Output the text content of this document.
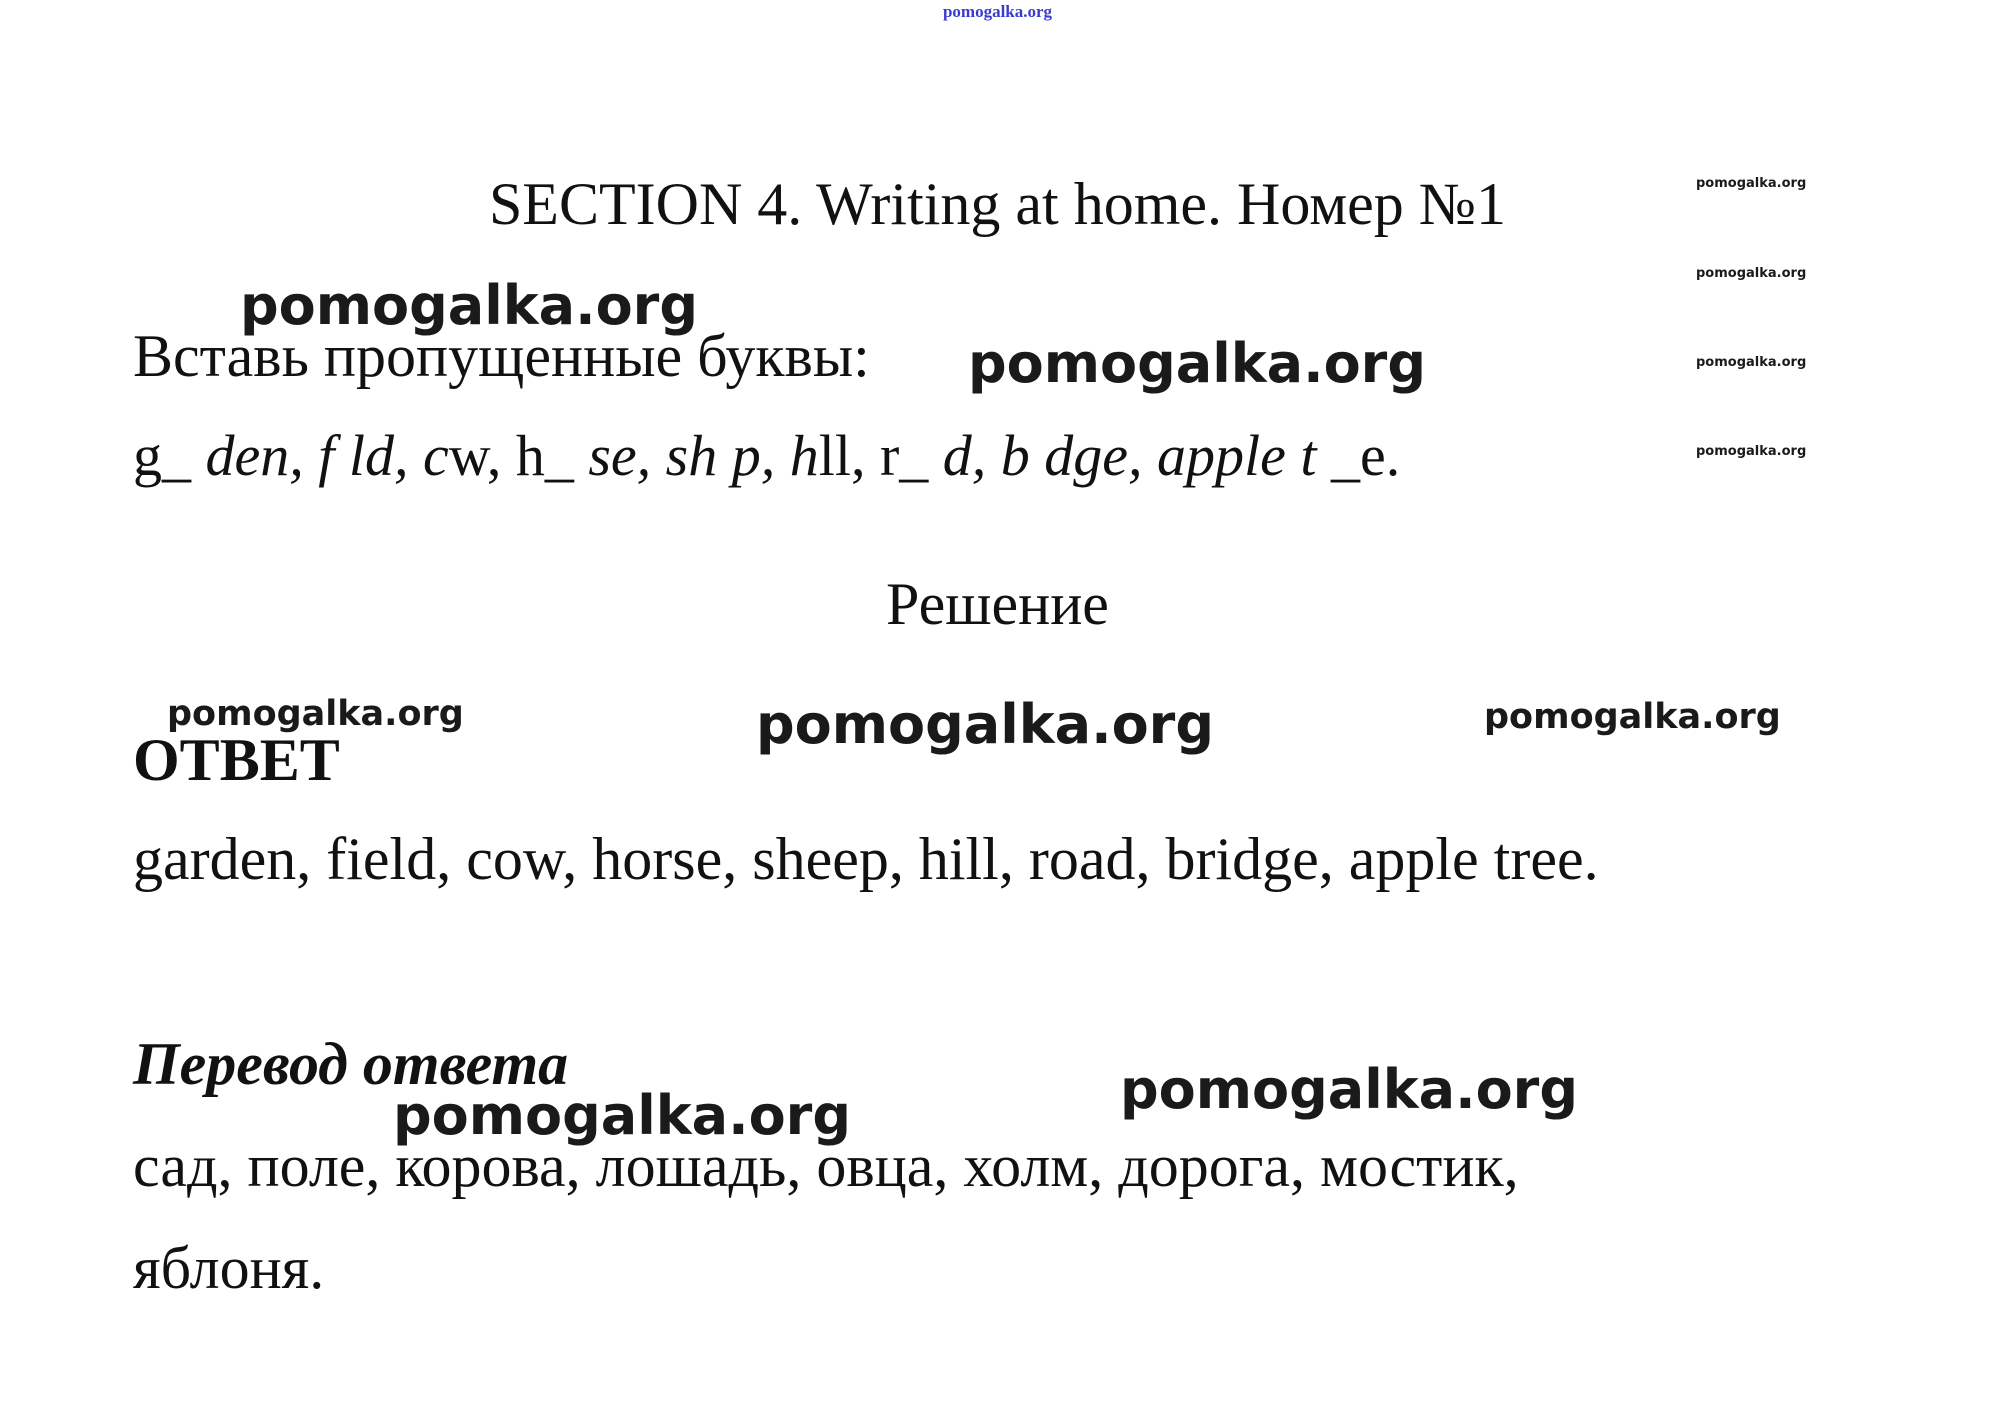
pomogalka.org
SECTION 4. Writing at home. Номер №1
Вставь пропущенные буквы:
g_ den, f ld, cw, h_ se, sh p, hll, r_ d, b dge, apple t _e.
Решение
ОТВЕТ
garden, field, cow, horse, sheep, hill, road, bridge, apple tree.
Перевод ответа
сад, поле, корова, лошадь, овца, холм, дорога, мостик,
яблоня.
pomogalka.org
pomogalka.org
pomogalka.org
pomogalka.org
pomogalka.org
pomogalka.org
pomogalka.org	pomogalka.org	pomogalka.org
pomogalka.org
pomogalka.org
